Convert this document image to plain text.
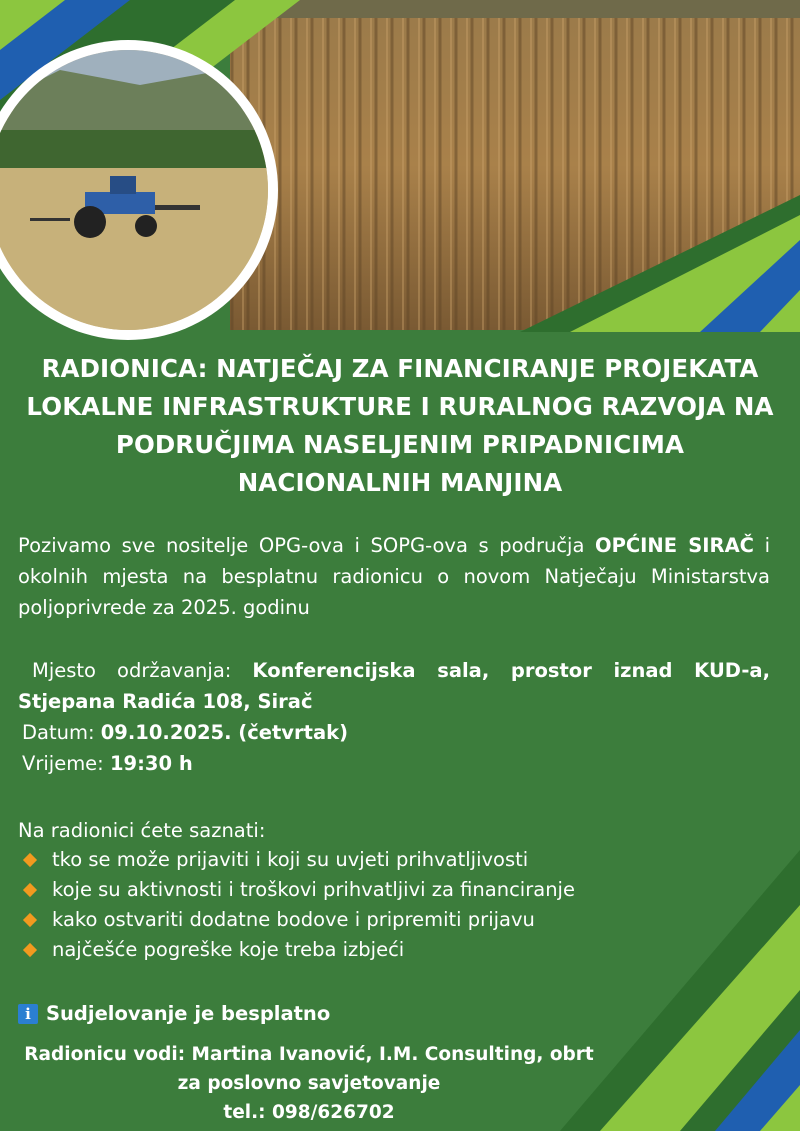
RADIONICA: NATJEČAJ ZA FINANCIRANJE PROJEKATA
LOKALNE INFRASTRUKTURE I RURALNOG RAZVOJA NA
PODRUČJIMA NASELJENIM PRIPADNICIMA
NACIONALNIH MANJINA
Pozivamo sve nositelje OPG-ova i SOPG-ova s područja OPĆINE SIRAČ i okolnih mjesta na besplatnu radionicu o novom Natječaju Ministarstva poljoprivrede za 2025. godinu
Mjesto održavanja: Konferencijska sala, prostor iznad KUD-a, Stjepana Radića 108, Sirač
Datum: 09.10.2025. (četvrtak)
Vrijeme: 19:30 h
Na radionici ćete saznati:
tko se može prijaviti i koji su uvjeti prihvatljivosti
koje su aktivnosti i troškovi prihvatljivi za financiranje
kako ostvariti dodatne bodove i pripremiti prijavu
najčešće pogreške koje treba izbjeći
i Sudjelovanje je besplatno
Radionicu vodi: Martina Ivanović, I.M. Consulting, obrt
za poslovno savjetovanje
tel.: 098/626702
